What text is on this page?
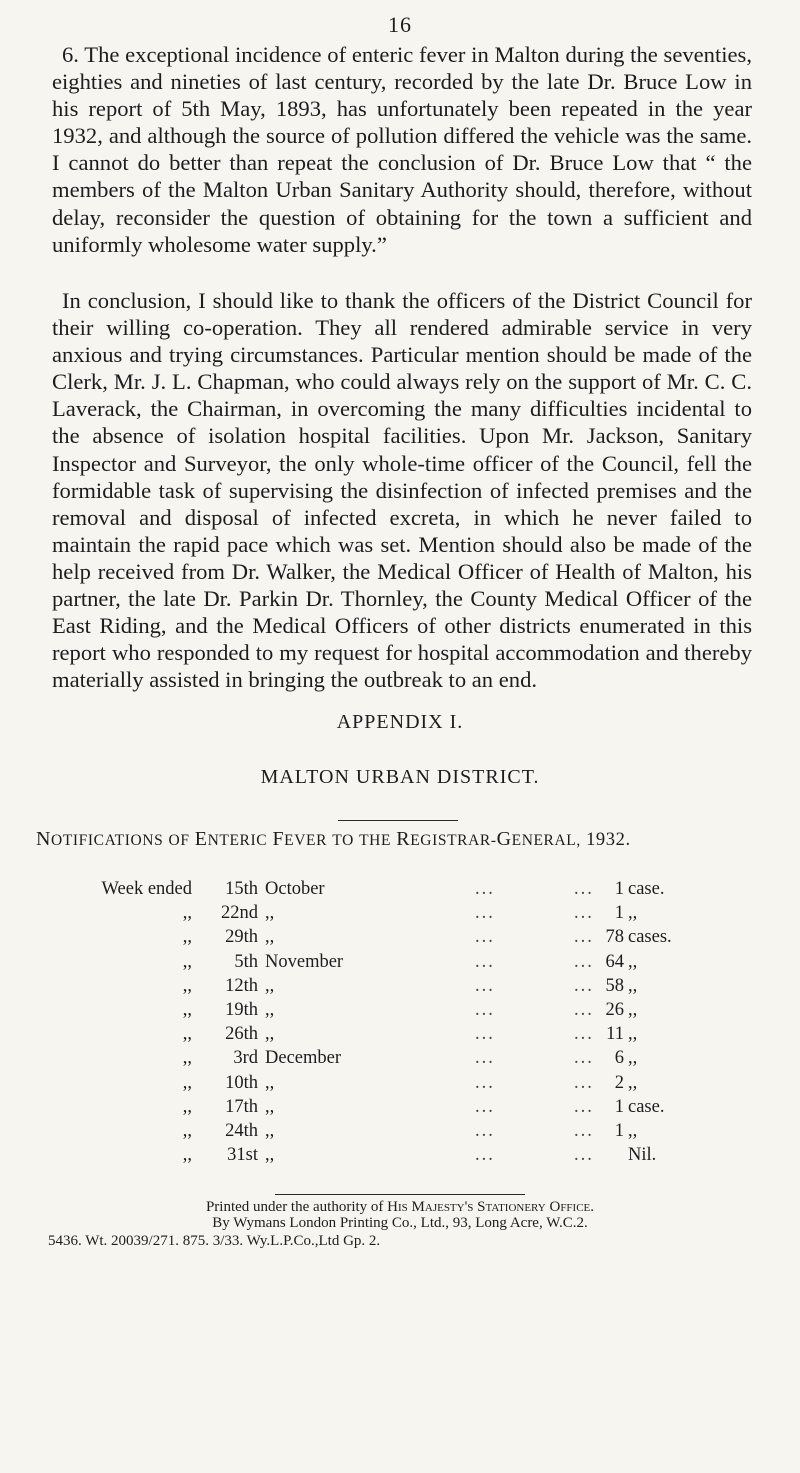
16

6. The exceptional incidence of enteric fever in Malton during the seventies, eighties and nineties of last century, recorded by the late Dr. Bruce Low in his report of 5th May, 1893, has unfortunately been repeated in the year 1932, and although the source of pollution differed the vehicle was the same. I cannot do better than repeat the conclusion of Dr. Bruce Low that “ the members of the Malton Urban Sanitary Authority should, therefore, without delay, reconsider the question of obtaining for the town a sufficient and uniformly wholesome water supply.”

In conclusion, I should like to thank the officers of the District Council for their willing co-operation. They all rendered admirable service in very anxious and trying circumstances. Particular mention should be made of the Clerk, Mr. J. L. Chapman, who could always rely on the support of Mr. C. C. Laverack, the Chairman, in overcoming the many difficulties incidental to the absence of isolation hospital facilities. Upon Mr. Jackson, Sanitary Inspector and Surveyor, the only whole-time officer of the Council, fell the formidable task of supervising the disinfection of infected premises and the removal and disposal of infected excreta, in which he never failed to maintain the rapid pace which was set. Mention should also be made of the help received from Dr. Walker, the Medical Officer of Health of Malton, his partner, the late Dr. Parkin Dr. Thornley, the County Medical Officer of the East Riding, and the Medical Officers of other districts enumerated in this report who responded to my request for hospital accommodation and thereby materially assisted in bringing the outbreak to an end.

APPENDIX I.
MALTON URBAN DISTRICT.
NOTIFICATIONS OF ENTERIC FEVER TO THE REGISTRAR-GENERAL, 1932.
Week ended 15th October	...	... 1 case.
,, 22nd ,,	...	... 1 ,,
,, 29th ,,	...	... 78 cases.
,, 5th November	...	... 64 ,,
,, 12th ,,	...	... 58 ,,
,, 19th ,,	...	... 26 ,,
,, 26th ,,	...	... 11 ,,
,, 3rd December	...	... 6 ,,
,, 10th ,,	...	... 2 ,,
,, 17th ,,	...	... 1 case.
,, 24th ,,	...	... 1 ,,
,, 31st ,,	...	... Nil.
Printed under the authority of His Majesty's Stationery Office.
By Wymans London Printing Co., Ltd., 93, Long Acre, W.C.2.
5436. Wt. 20039/271. 875. 3/33. Wy.L.P.Co.,Ltd Gp. 2.
